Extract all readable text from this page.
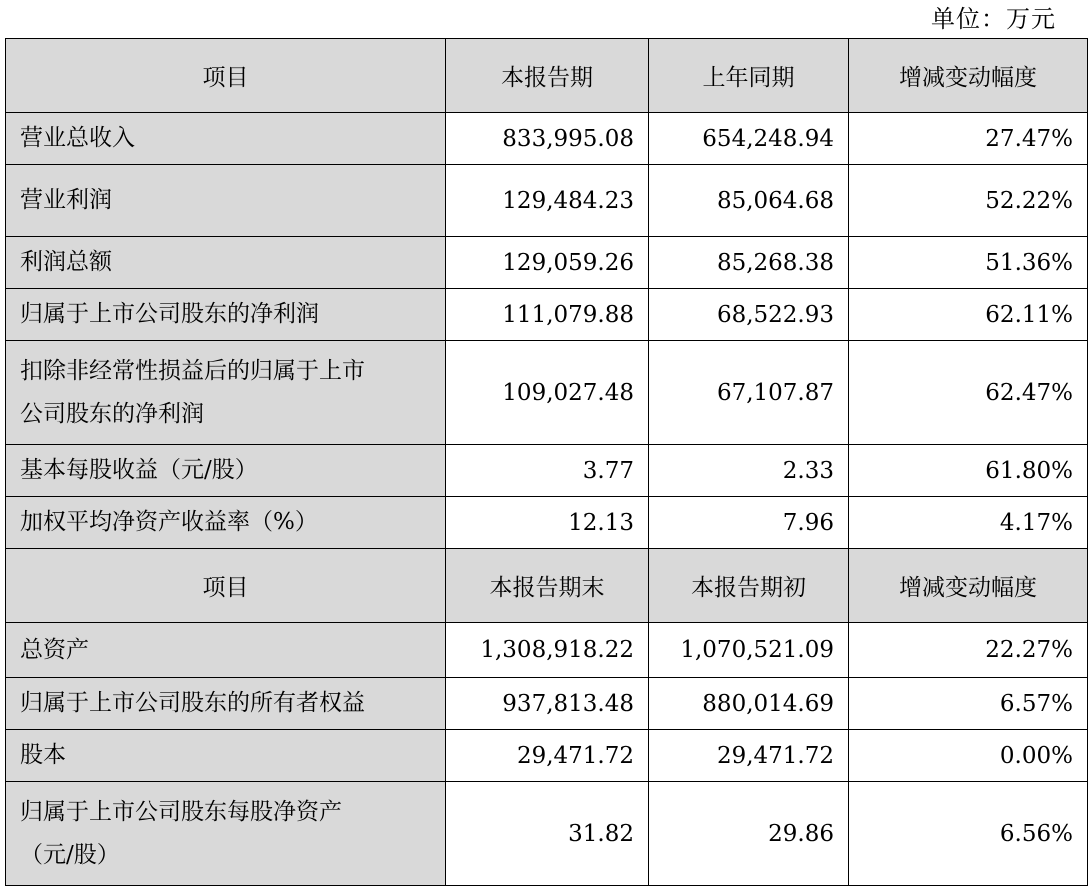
单位：万元
项目	本报告期	上年同期	增减变动幅度
营业总收入	833,995.08	654,248.94	27.47%
营业利润	129,484.23	85,064.68	52.22%
利润总额	129,059.26	85,268.38	51.36%
归属于上市公司股东的净利润	111,079.88	68,522.93	62.11%

扣除非经常性损益后的归属于上市
公司股东的净利润	109,027.48	67,107.87	62.47%
基本每股收益（元/股）	3.77	2.33	61.80%
加权平均净资产收益率（%）	12.13	7.96	4.17%
项目	本报告期末	本报告期初	增减变动幅度
总资产	1,308,918.22	1,070,521.09	22.27%
归属于上市公司股东的所有者权益	937,813.48	880,014.69	6.57%
股本	29,471.72	29,471.72	0.00%

归属于上市公司股东每股净资产
（元/股）	31.82	29.86	6.56%
